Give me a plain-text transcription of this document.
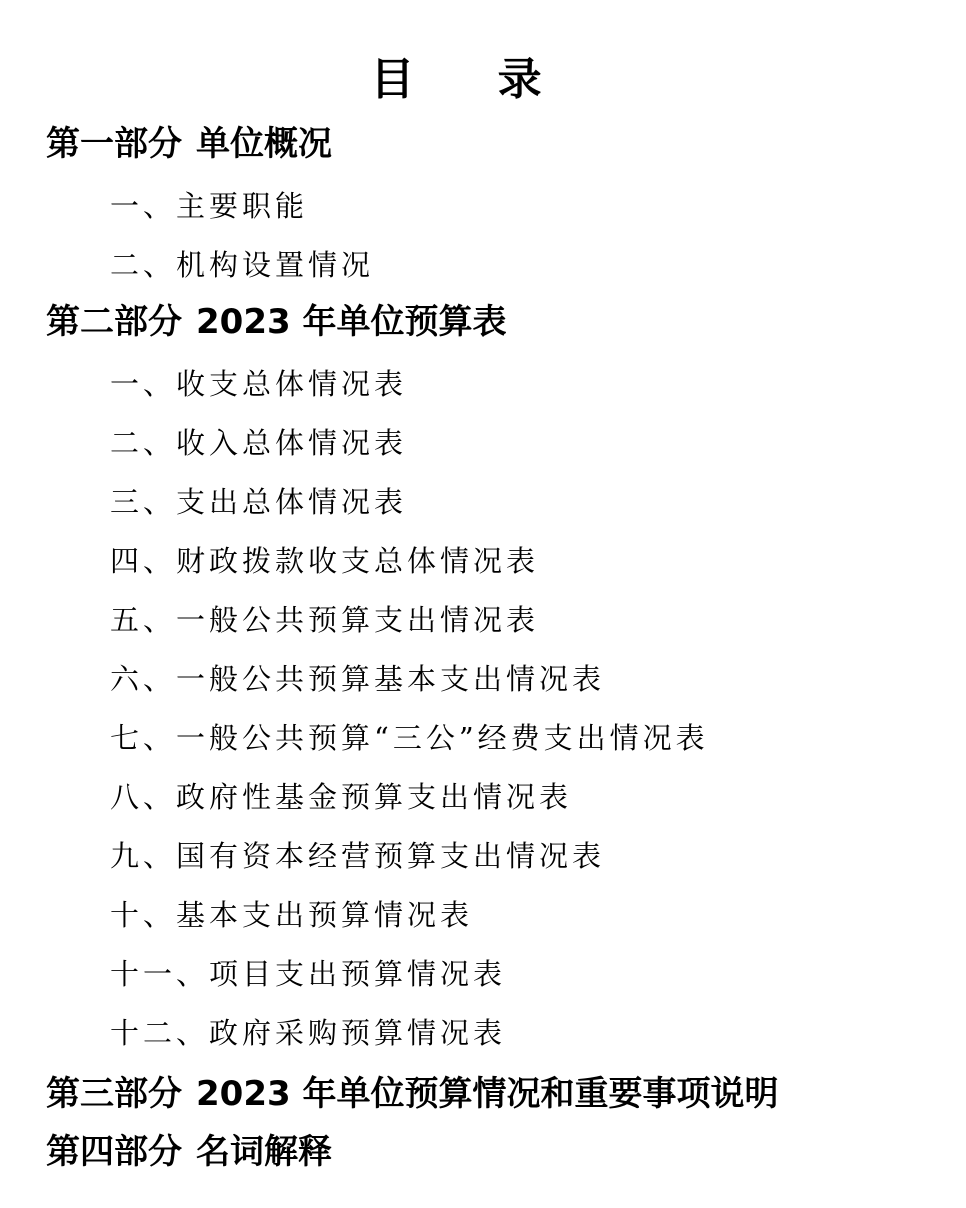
目 录
第一部分 单位概况
一、主要职能
二、机构设置情况
第二部分 2023 年单位预算表
一、收支总体情况表
二、收入总体情况表
三、支出总体情况表
四、财政拨款收支总体情况表
五、一般公共预算支出情况表
六、一般公共预算基本支出情况表
七、一般公共预算“三公”经费支出情况表
八、政府性基金预算支出情况表
九、国有资本经营预算支出情况表
十、基本支出预算情况表
十一、项目支出预算情况表
十二、政府采购预算情况表
第三部分 2023 年单位预算情况和重要事项说明
第四部分 名词解释
